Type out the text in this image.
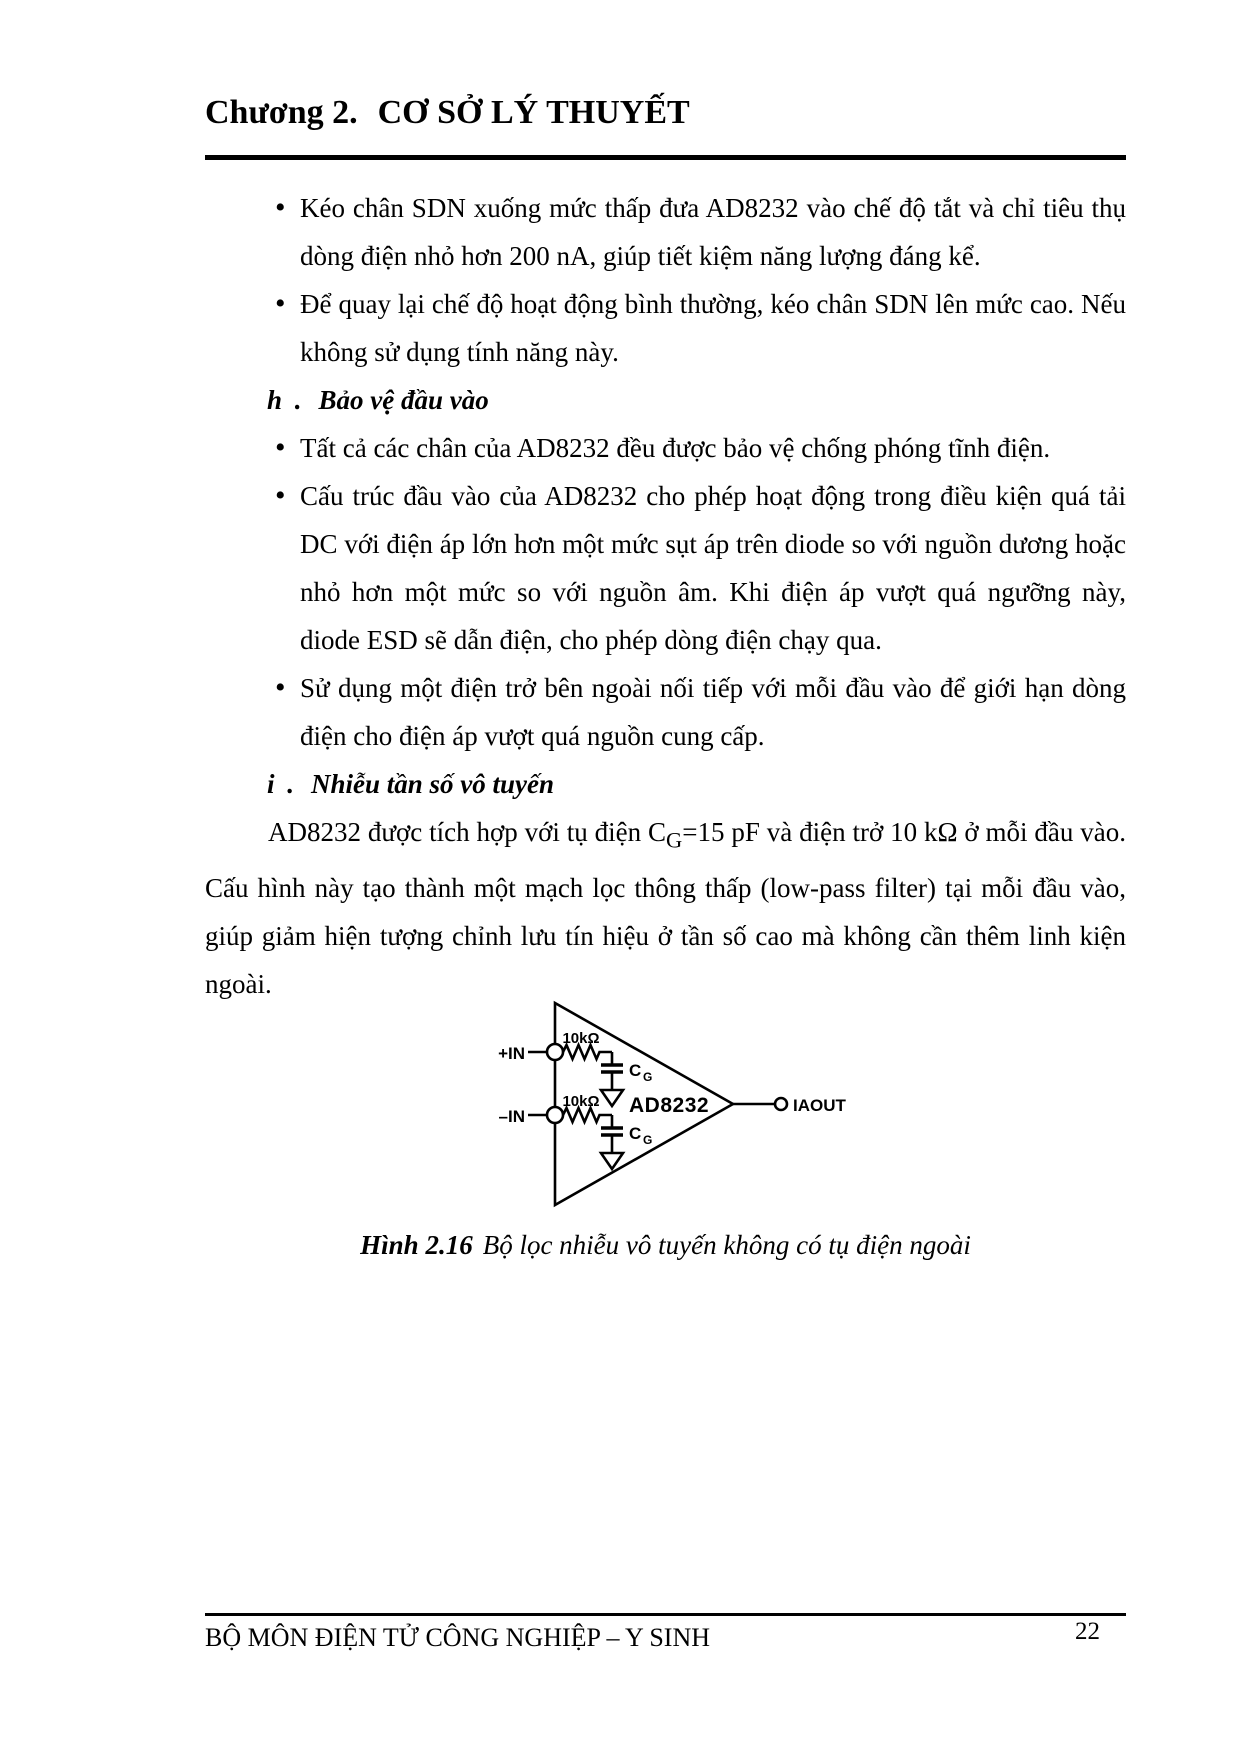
Chương 2. CƠ SỞ LÝ THUYẾT
•
Kéo chân SDN xuống mức thấp đưa AD8232 vào chế độ tắt và chỉ tiêu thụ dòng điện nhỏ hơn 200 nA, giúp tiết kiệm năng lượng đáng kể.
•
Để quay lại chế độ hoạt động bình thường, kéo chân SDN lên mức cao. Nếu không sử dụng tính năng này.
h . Bảo vệ đầu vào
•
Tất cả các chân của AD8232 đều được bảo vệ chống phóng tĩnh điện.
•
Cấu trúc đầu vào của AD8232 cho phép hoạt động trong điều kiện quá tải DC với điện áp lớn hơn một mức sụt áp trên diode so với nguồn dương hoặc nhỏ hơn một mức so với nguồn âm. Khi điện áp vượt quá ngưỡng này, diode ESD sẽ dẫn điện, cho phép dòng điện chạy qua.
•
Sử dụng một điện trở bên ngoài nối tiếp với mỗi đầu vào để giới hạn dòng điện cho điện áp vượt quá nguồn cung cấp.
i . Nhiễu tần số vô tuyến

AD8232 được tích hợp với tụ điện $C_G=15$ pF và điện trở 10 kΩ ở mỗi đầu vào. Cấu hình này tạo thành một mạch lọc thông thấp (low-pass filter) tại mỗi đầu vào, giúp giảm hiện tượng chỉnh lưu tín hiệu ở tần số cao mà không cần thêm linh kiện ngoài.

+IN
–IN
10kΩ
10kΩ
C G
C G
AD8232	IAOUT
Hình 2.16 Bộ lọc nhiễu vô tuyến không có tụ điện ngoài
BỘ MÔN ĐIỆN TỬ CÔNG NGHIỆP – Y SINH	22
